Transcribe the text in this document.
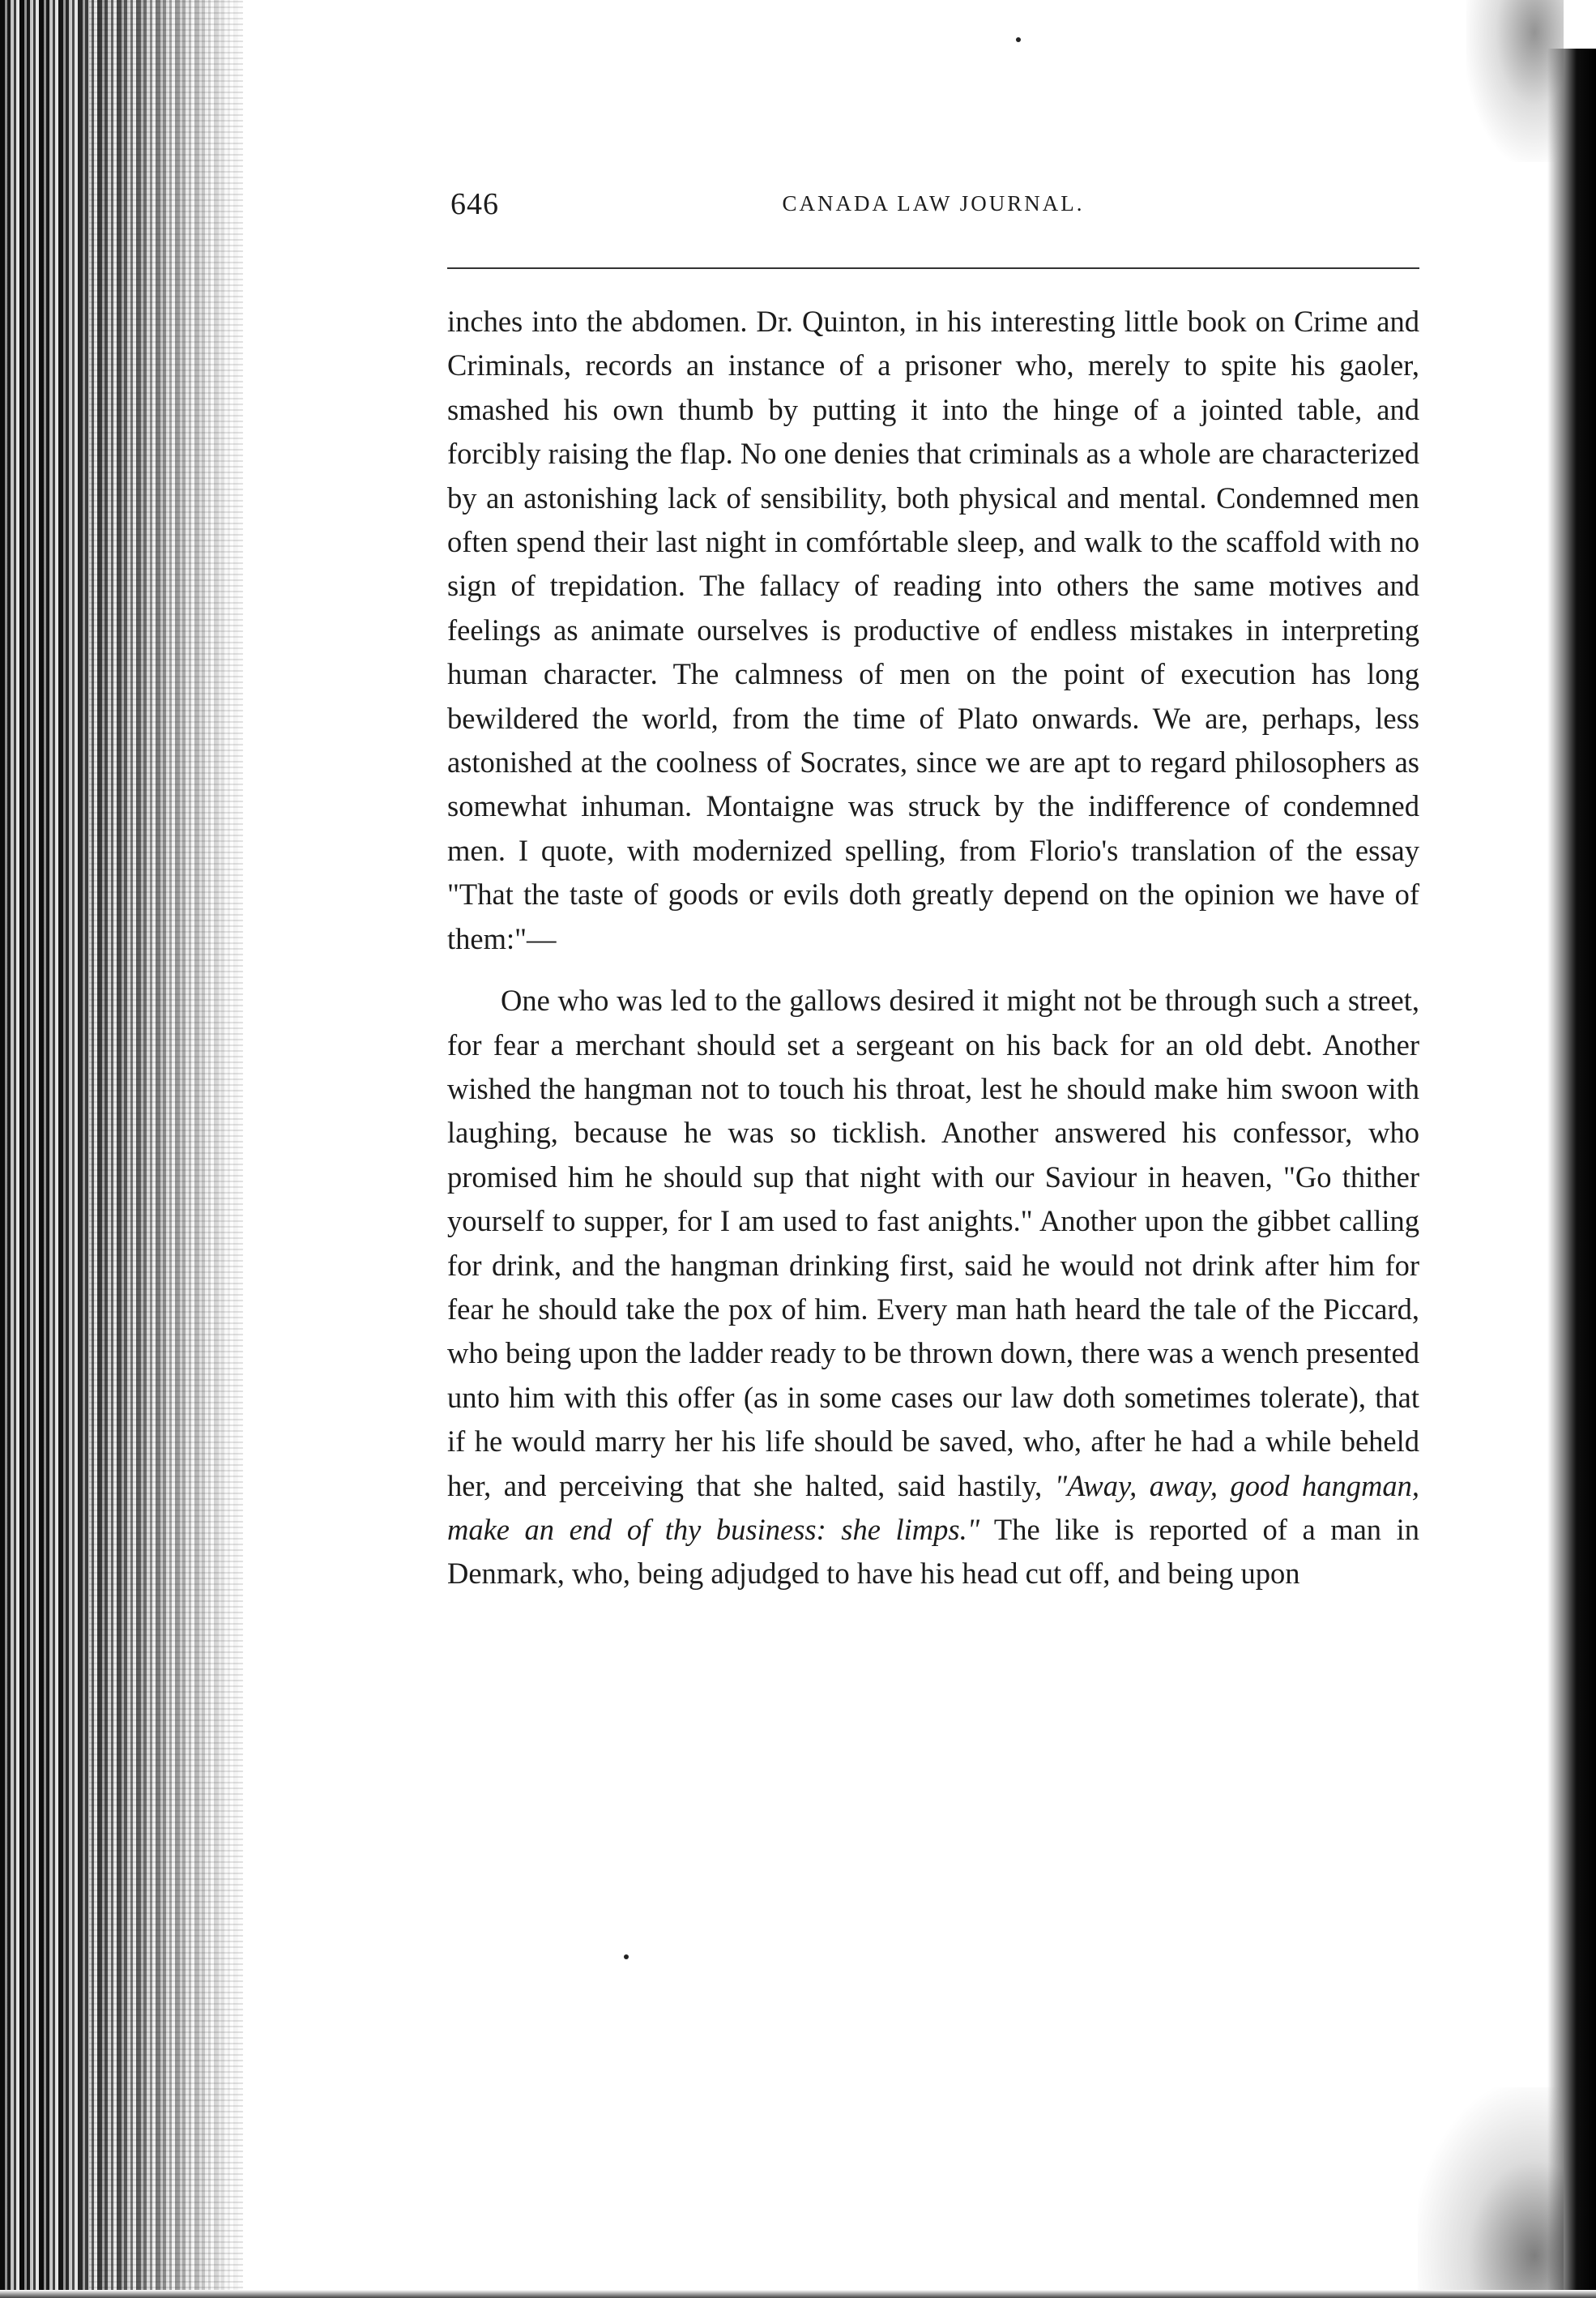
646	CANADA LAW JOURNAL.

inches into the abdomen. Dr. Quinton, in his interesting little book on Crime and Criminals, records an instance of a prisoner who, merely to spite his gaoler, smashed his own thumb by putting it into the hinge of a jointed table, and forcibly raising the flap. No one denies that criminals as a whole are characterized by an astonishing lack of sensibility, both physical and mental. Condemned men often spend their last night in comfórtable sleep, and walk to the scaffold with no sign of trepidation. The fallacy of reading into others the same motives and feelings as animate ourselves is productive of endless mistakes in interpreting human character. The calmness of men on the point of execution has long bewildered the world, from the time of Plato onwards. We are, perhaps, less astonished at the coolness of Socrates, since we are apt to regard philosophers as somewhat inhuman. Montaigne was struck by the indifference of condemned men. I quote, with modernized spelling, from Florio's translation of the essay "That the taste of goods or evils doth greatly depend on the opinion we have of them:"—

One who was led to the gallows desired it might not be through such a street, for fear a merchant should set a sergeant on his back for an old debt. Another wished the hangman not to touch his throat, lest he should make him swoon with laughing, because he was so ticklish. Another answered his confessor, who promised him he should sup that night with our Saviour in heaven, "Go thither yourself to supper, for I am used to fast anights." Another upon the gibbet calling for drink, and the hangman drinking first, said he would not drink after him for fear he should take the pox of him. Every man hath heard the tale of the Piccard, who being upon the ladder ready to be thrown down, there was a wench presented unto him with this offer (as in some cases our law doth sometimes tolerate), that if he would marry her his life should be saved, who, after he had a while beheld her, and perceiving that she halted, said hastily, "Away, away, good hangman, make an end of thy business: she limps." The like is reported of a man in Denmark, who, being adjudged to have his head cut off, and being upon
